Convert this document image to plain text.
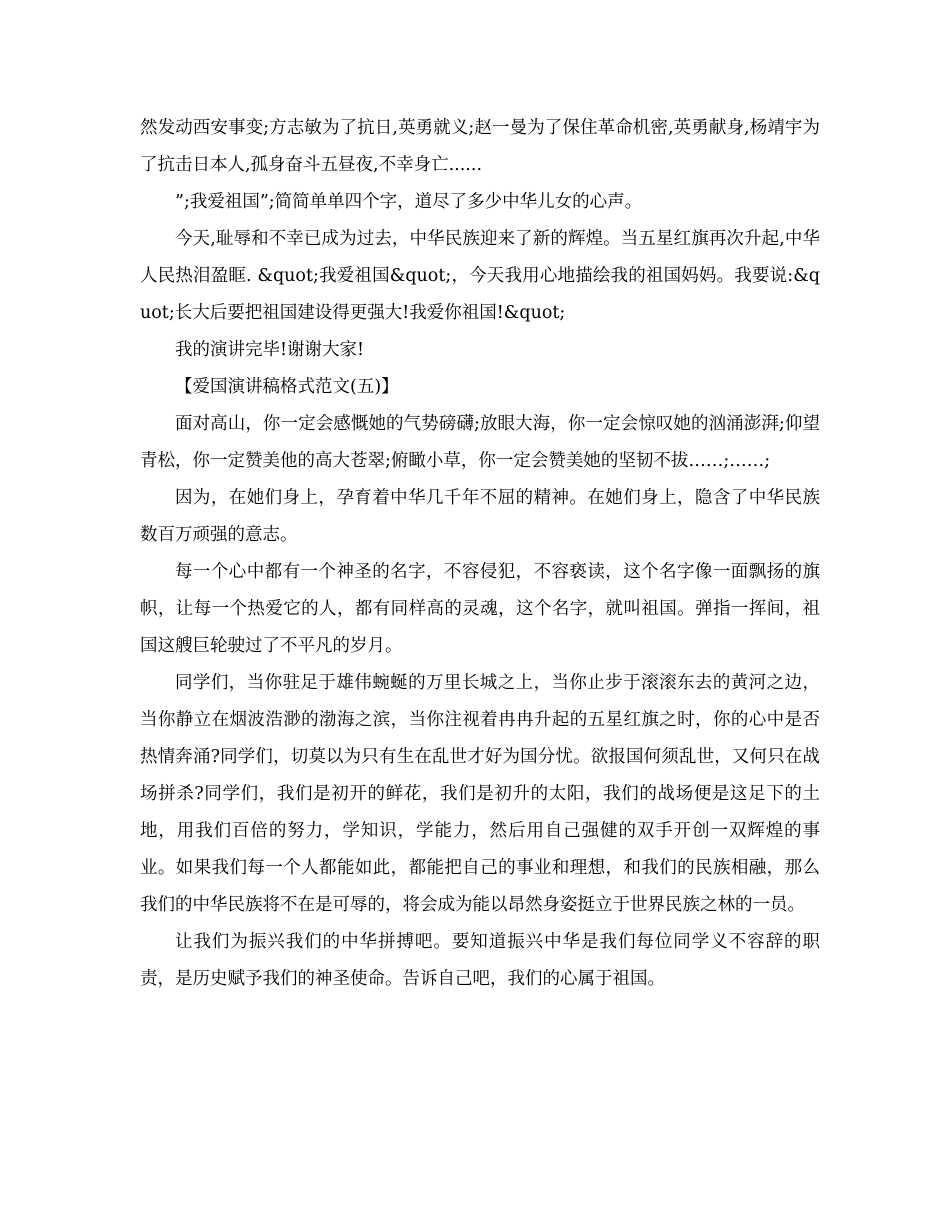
然发动西安事变;方志敏为了抗日,英勇就义;赵一曼为了保住革命机密,英勇献身,杨靖宇为了抗击日本人,孤身奋斗五昼夜,不幸身亡......

”;我爱祖国”;简简单单四个字，道尽了多少中华儿女的心声。

今天,耻辱和不幸已成为过去，中华民族迎来了新的辉煌。当五星红旗再次升起,中华人民热泪盈眶. &quot;我爱祖国&quot;，今天我用心地描绘我的祖国妈妈。我要说:&quot;长大后要把祖国建设得更强大!我爱你祖国!&quot;

我的演讲完毕!谢谢大家!

【爱国演讲稿格式范文(五)】

面对高山，你一定会感慨她的气势磅礴;放眼大海，你一定会惊叹她的汹涌澎湃;仰望青松，你一定赞美他的高大苍翠;俯瞰小草，你一定会赞美她的坚韧不拔……;……;

因为，在她们身上，孕育着中华几千年不屈的精神。在她们身上，隐含了中华民族数百万顽强的意志。

每一个心中都有一个神圣的名字，不容侵犯，不容亵读，这个名字像一面飘扬的旗帜，让每一个热爱它的人，都有同样高的灵魂，这个名字，就叫祖国。弹指一挥间，祖国这艘巨轮驶过了不平凡的岁月。

同学们，当你驻足于雄伟蜿蜒的万里长城之上，当你止步于滚滚东去的黄河之边，当你静立在烟波浩渺的渤海之滨，当你注视着冉冉升起的五星红旗之时，你的心中是否热情奔涌?同学们，切莫以为只有生在乱世才好为国分忧。欲报国何须乱世，又何只在战场拼杀?同学们，我们是初开的鲜花，我们是初升的太阳，我们的战场便是这足下的土地，用我们百倍的努力，学知识，学能力，然后用自己强健的双手开创一双辉煌的事业。如果我们每一个人都能如此，都能把自己的事业和理想，和我们的民族相融，那么我们的中华民族将不在是可辱的，将会成为能以昂然身姿挺立于世界民族之林的一员。

让我们为振兴我们的中华拼搏吧。要知道振兴中华是我们每位同学义不容辞的职责，是历史赋予我们的神圣使命。告诉自己吧，我们的心属于祖国。
